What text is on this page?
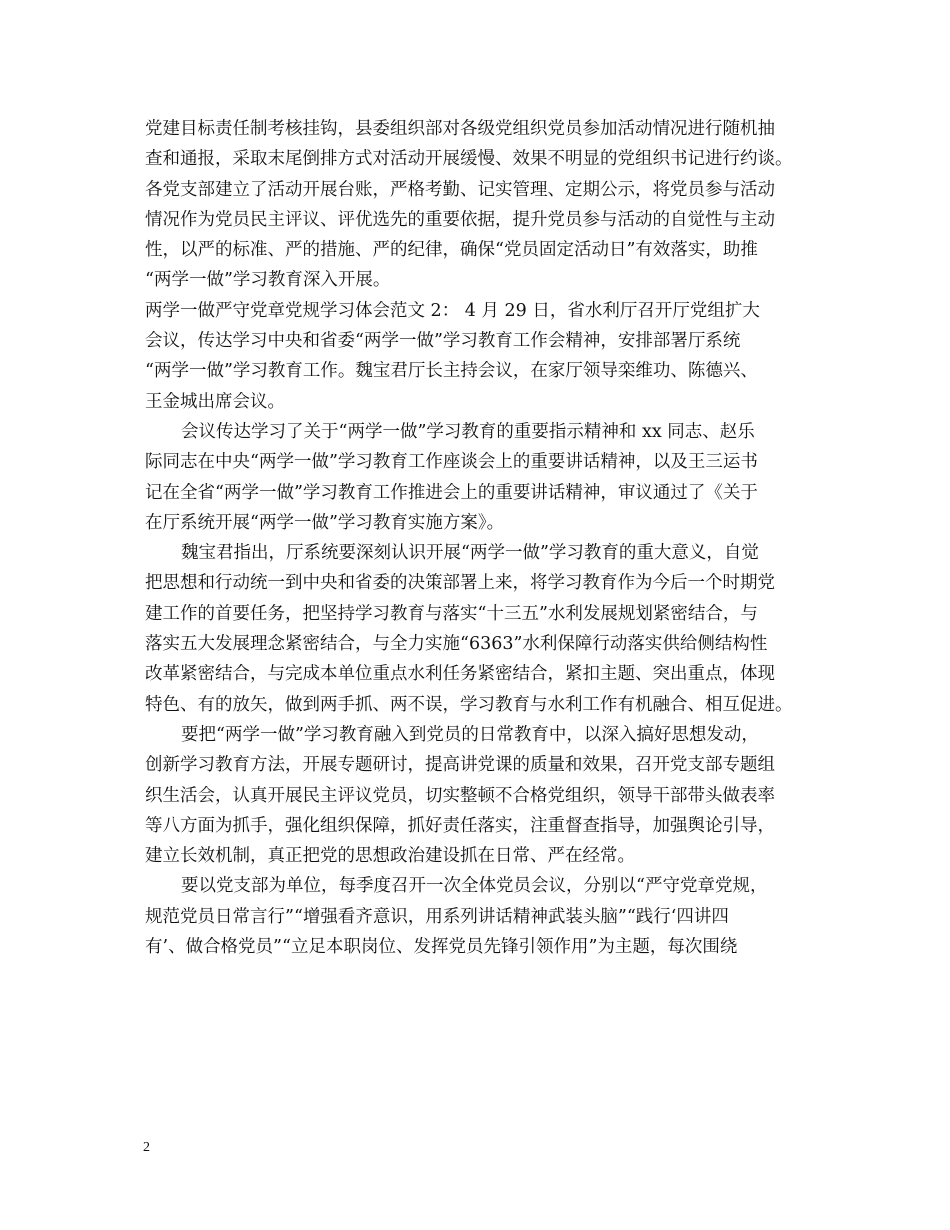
党建目标责任制考核挂钩，县委组织部对各级党组织党员参加活动情况进行随机抽
查和通报，采取末尾倒排方式对活动开展缓慢、效果不明显的党组织书记进行约谈。
各党支部建立了活动开展台账，严格考勤、记实管理、定期公示，将党员参与活动
情况作为党员民主评议、评优选先的重要依据，提升党员参与活动的自觉性与主动
性，以严的标准、严的措施、严的纪律，确保“党员固定活动日”有效落实，助推
“两学一做”学习教育深入开展。
两学一做严守党章党规学习体会范文 2： 4 月 29 日，省水利厅召开厅党组扩大
会议，传达学习中央和省委“两学一做”学习教育工作会精神，安排部署厅系统
“两学一做”学习教育工作。魏宝君厅长主持会议，在家厅领导栾维功、陈德兴、
王金城出席会议。
会议传达学习了关于“两学一做”学习教育的重要指示精神和 xx 同志、赵乐
际同志在中央“两学一做”学习教育工作座谈会上的重要讲话精神，以及王三运书
记在全省“两学一做”学习教育工作推进会上的重要讲话精神，审议通过了《关于
在厅系统开展“两学一做”学习教育实施方案》。
魏宝君指出，厅系统要深刻认识开展“两学一做”学习教育的重大意义，自觉
把思想和行动统一到中央和省委的决策部署上来，将学习教育作为今后一个时期党
建工作的首要任务，把坚持学习教育与落实“十三五”水利发展规划紧密结合，与
落实五大发展理念紧密结合，与全力实施“6363”水利保障行动落实供给侧结构性
改革紧密结合，与完成本单位重点水利任务紧密结合，紧扣主题、突出重点，体现
特色、有的放矢，做到两手抓、两不误，学习教育与水利工作有机融合、相互促进。
要把“两学一做”学习教育融入到党员的日常教育中，以深入搞好思想发动，
创新学习教育方法，开展专题研讨，提高讲党课的质量和效果，召开党支部专题组
织生活会，认真开展民主评议党员，切实整顿不合格党组织，领导干部带头做表率
等八方面为抓手，强化组织保障，抓好责任落实，注重督查指导，加强舆论引导，
建立长效机制，真正把党的思想政治建设抓在日常、严在经常。
要以党支部为单位，每季度召开一次全体党员会议，分别以“严守党章党规，
规范党员日常言行”“增强看齐意识，用系列讲话精神武装头脑”“践行‘四讲四
有’、做合格党员”“立足本职岗位、发挥党员先锋引领作用”为主题，每次围绕
2
